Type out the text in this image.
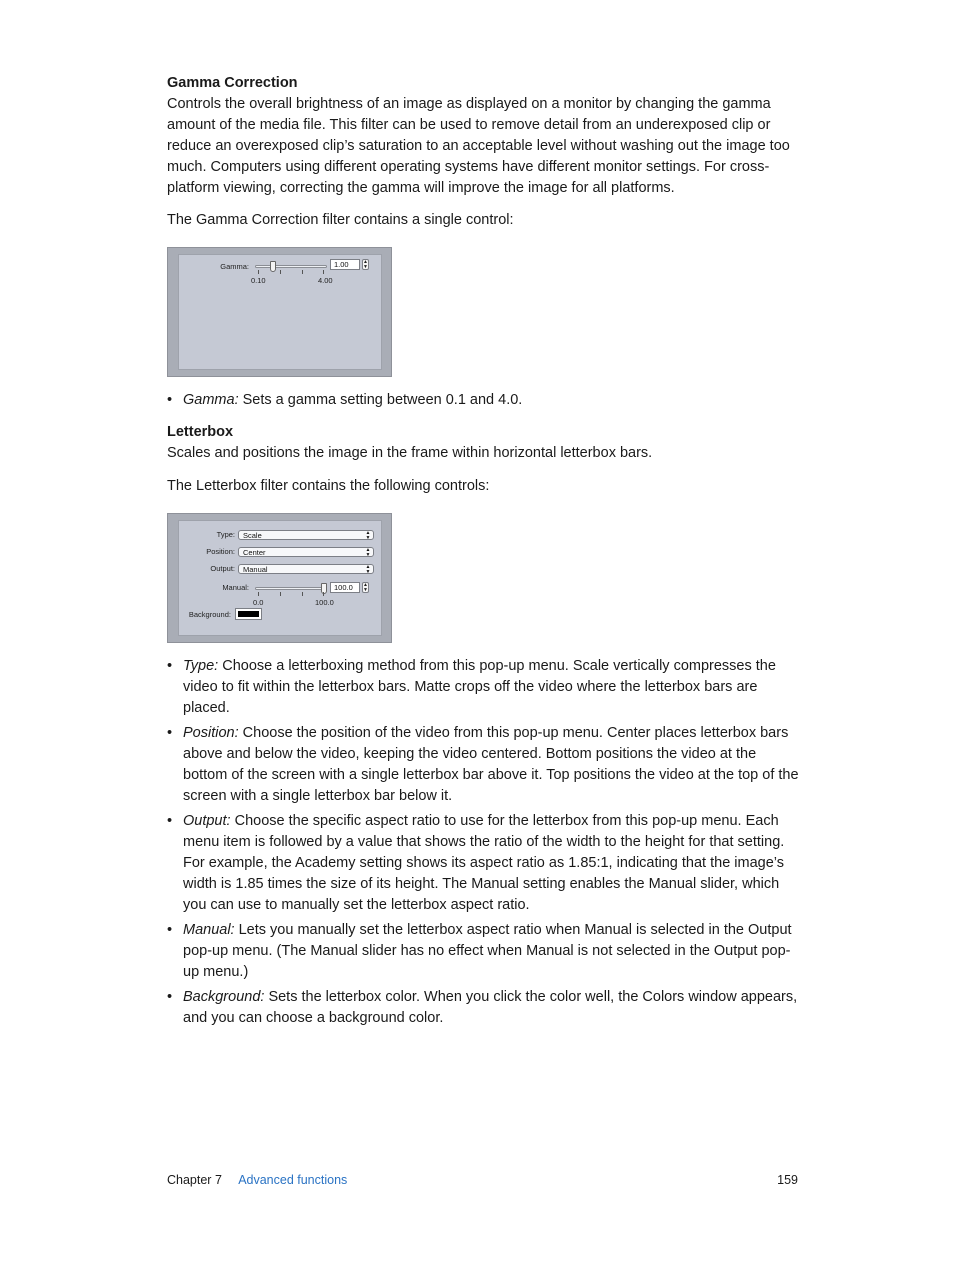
Gamma Correction

Controls the overall brightness of an image as displayed on a monitor by changing the gamma amount of the media file. This filter can be used to remove detail from an underexposed clip or reduce an overexposed clip’s saturation to an acceptable level without washing out the image too much. Computers using different operating systems have different monitor settings. For cross-platform viewing, correcting the gamma will improve the image for all platforms.

The Gamma Correction filter contains a single control:

Gamma:
0.10	4.00
1.00	▲
▼
• Gamma: Sets a gamma setting between 0.1 and 4.0.

Letterbox

Scales and positions the image in the frame within horizontal letterbox bars.

The Letterbox filter contains the following controls:

Type:	Scale	▲
▼
Position:	Center	▲
▼
Output:	Manual	▲
▼
Manual:
0.0	100.0
100.0	▲
▼
Background:
• Type: Choose a letterboxing method from this pop-up menu. Scale vertically compresses the video to fit within the letterbox bars. Matte crops off the video where the letterbox bars are placed.
• Position: Choose the position of the video from this pop-up menu. Center places letterbox bars above and below the video, keeping the video centered. Bottom positions the video at the bottom of the screen with a single letterbox bar above it. Top positions the video at the top of the screen with a single letterbox bar below it.
• Output: Choose the specific aspect ratio to use for the letterbox from this pop-up menu. Each menu item is followed by a value that shows the ratio of the width to the height for that setting. For example, the Academy setting shows its aspect ratio as 1.85:1, indicating that the image’s width is 1.85 times the size of its height. The Manual setting enables the Manual slider, which you can use to manually set the letterbox aspect ratio.
• Manual: Lets you manually set the letterbox aspect ratio when Manual is selected in the Output pop-up menu. (The Manual slider has no effect when Manual is not selected in the Output pop-up menu.)
• Background: Sets the letterbox color. When you click the color well, the Colors window appears, and you can choose a background color.
Chapter 7 Advanced functions	159
